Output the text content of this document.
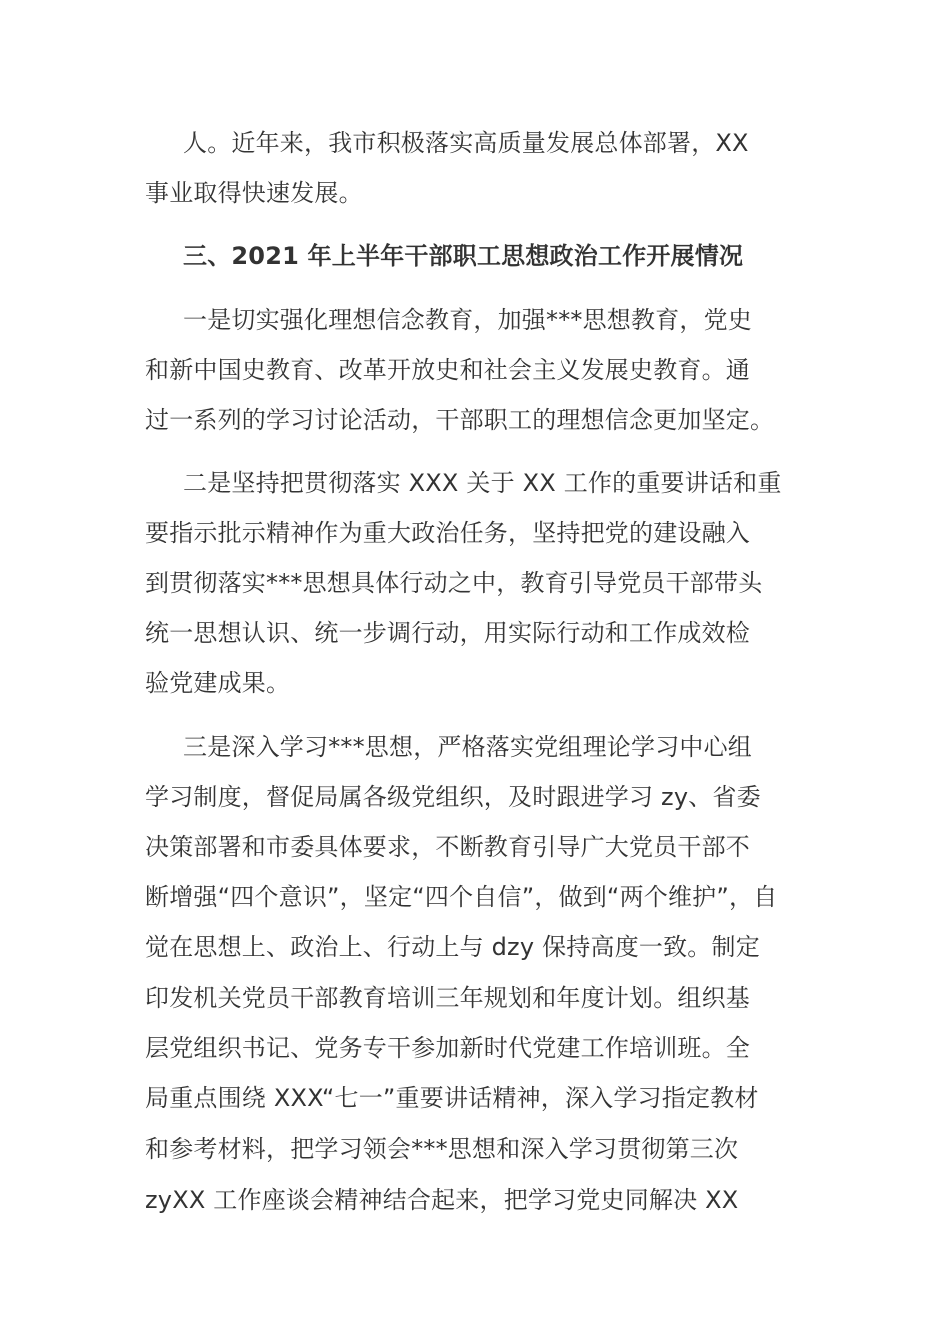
人。近年来，我市积极落实高质量发展总体部署，XX
事业取得快速发展。
三、2021 年上半年干部职工思想政治工作开展情况
一是切实强化理想信念教育，加强***思想教育，党史
和新中国史教育、改革开放史和社会主义发展史教育。通
过一系列的学习讨论活动，干部职工的理想信念更加坚定。
二是坚持把贯彻落实 XXX 关于 XX 工作的重要讲话和重
要指示批示精神作为重大政治任务，坚持把党的建设融入
到贯彻落实***思想具体行动之中，教育引导党员干部带头
统一思想认识、统一步调行动，用实际行动和工作成效检
验党建成果。
三是深入学习***思想，严格落实党组理论学习中心组
学习制度，督促局属各级党组织，及时跟进学习 zy、省委
决策部署和市委具体要求，不断教育引导广大党员干部不
断增强“四个意识”，坚定“四个自信”，做到“两个维护”，自
觉在思想上、政治上、行动上与 dzy 保持高度一致。制定
印发机关党员干部教育培训三年规划和年度计划。组织基
层党组织书记、党务专干参加新时代党建工作培训班。全
局重点围绕 XXX“七一”重要讲话精神，深入学习指定教材
和参考材料，把学习领会***思想和深入学习贯彻第三次
zyXX 工作座谈会精神结合起来，把学习党史同解决 XX
